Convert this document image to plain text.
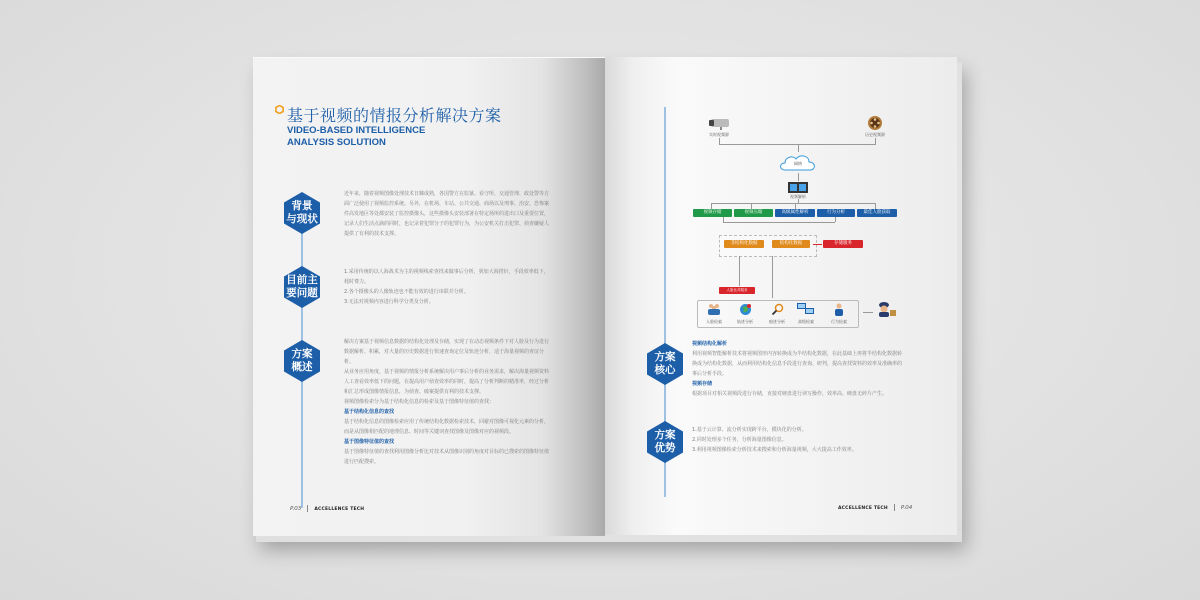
基于视频的情报分析解决方案
VIDEO-BASED INTELLIGENCE
ANALYSIS SOLUTION
背景
与现状
近年来，随着视频图像处理技术日臻成熟，各国警方在监狱、看守所、交通管理、政处警等方
面广泛使用了视频监控系统。另外，在机场、车站、公共交通、商场以及刑事、治安、恐怖案
件高发地区等处都安装了监控摄像头，这些摄像头安装部署在特定场所的进出口及重要位置，
记录人们生活点滴的同时，也记录着犯罪分子的犯罪行为，为公安机关打击犯罪、侦查嫌疑人
提供了有利的技术支撑。
目前主
要问题
1.采用传统的以人海战术为主的视频线索查找来做事后分析，犹如大海捞针，手段效率低下，
耗时费力。
2.各个摄像头的人像轨迹也不能有效的进行串联并分析。
3.无法对视频内容进行科学分类及分析。
方案
概述
解决方案基于视频信息数据的结构化处理及存储，实现了在动态视频条件下对人脸及行为进行
数据解析、积累，对大量的历史数据进行快速查询定位及轨迹分析，适于海量视频的查证分
析。
从业务应用角度，基于视频的情报分析系统解决用户事后分析的业务需求，解决海量视频资料
人工查看效率低下的问题，在提高用户侦查效率的同时，提高了分析判断的精准率，经过分析
和汇总形成图像情报信息，为侦查、破案提供有利的技术支撑。
视频图像检索分为基于结构化信息的检索及基于图像特征值的查找：
基于结构化信息的查找
基于结构化信息的图像检索应用了传统结构化数据检索技术，回避对图像可视化元素的分析，
而是从图像相匹配的地理信息、时间等关键词查找图像及图像对应的视频段。
基于图像特征值的查找
基于图像特征值的查找利用图像分析比对技术从图像识别的角度对目标的已搜索的图像特征值
进行匹配搜索。
P.03	ACCELLENCE TECH
实时视频源	历史视频源
网络
视频解析
视频存储	视频压缩	高级属性解析	行为分析	最佳人脸获取
非结构化数据	结构化数据	存储服务
人脸比对服务
人脸检索	轨迹分析	痕迹分析	高级检索	行为检索
方案
核心
视频结构化解析
利用视频智能解析技术将视频图形内容转换成为半结构化数据，在此基础上再将半结构化数据转
换成为结构化数据，从而利用结构化信息手段进行查询、研判，提高查找资料的效率及准确率的
事后分析手段。
视频存储
根据项目对相关视频段进行存储，直接对硬盘进行读写操作，效率高、硬盘无碎片产生。
方案
优势
1.基于云计算、流分析实现跨平台，模块化的分析。
2.同时处理多个任务，分析海量图像信息。
3.利用视频图像检索分析技术来搜索和分析海量视频，大大提高工作效率。
ACCELLENCE TECH P.04
